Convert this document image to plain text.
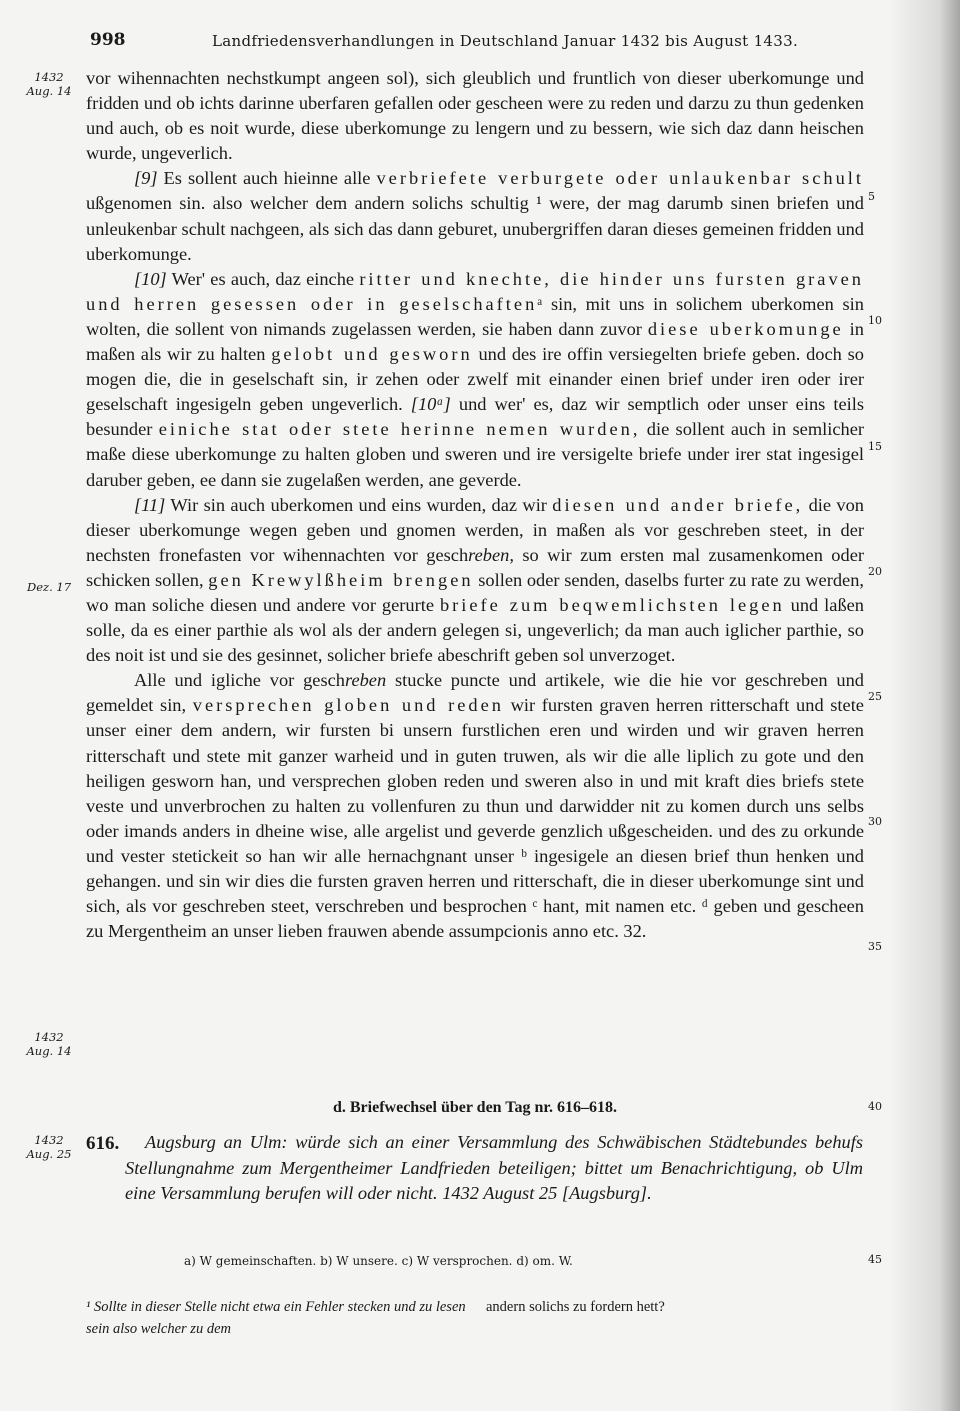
998	Landfriedensverhandlungen in Deutschland Januar 1432 bis August 1433.
1432 Aug. 14
Dez. 17
1432 Aug. 14
1432 Aug. 25
5
10
15
20
25
30
35
40
45

vor wihennachten nechstkumpt angeen sol), sich gleublich und fruntlich von dieser uberkomunge und fridden und ob ichts darinne uberfaren gefallen oder gescheen were zu reden und darzu zu thun gedenken und auch, ob es noit wurde, diese uberkomunge zu lengern und zu bessern, wie sich daz dann heischen wurde, ungeverlich.

[9] Es sollent auch hieinne alle verbriefete verburgete oder unlaukenbar schult ußgenomen sin. also welcher dem andern solichs schultig ¹ were, der mag darumb sinen briefen und unleukenbar schult nachgeen, als sich das dann geburet, unubergriffen daran dieses gemeinen fridden und uberkomunge.

[10] Wer' es auch, daz einche ritter und knechte, die hinder uns fursten graven und herren gesessen oder in geselschaftenᵃ sin, mit uns in solichem uberkomen sin wolten, die sollent von nimands zugelassen werden, sie haben dann zuvor diese uberkomunge in maßen als wir zu halten gelobt und gesworn und des ire offin versiegelten briefe geben. doch so mogen die, die in geselschaft sin, ir zehen oder zwelf mit einander einen brief under iren oder irer geselschaft ingesigeln geben ungeverlich. [10ᵃ] und wer' es, daz wir semptlich oder unser eins teils besunder einiche stat oder stete herinne nemen wurden, die sollent auch in semlicher maße diese uberkomunge zu halten globen und sweren und ire versigelte briefe under irer stat ingesigel daruber geben, ee dann sie zugelaßen werden, ane geverde.

[11] Wir sin auch uberkomen und eins wurden, daz wir diesen und ander briefe, die von dieser uberkomunge wegen geben und gnomen werden, in maßen als vor geschreben steet, in der nechsten fronefasten vor wihennachten vor geschreben, so wir zum ersten mal zusamenkomen oder schicken sollen, gen Krewylßheim brengen sollen oder senden, daselbs furter zu rate zu werden, wo man soliche diesen und andere vor gerurte briefe zum beqwemlichsten legen und laßen solle, da es einer parthie als wol als der andern gelegen si, ungeverlich; da man auch iglicher parthie, so des noit ist und sie des gesinnet, solicher briefe abeschrift geben sol unverzoget.

Alle und igliche vor geschreben stucke puncte und artikele, wie die hie vor geschreben und gemeldet sin, versprechen globen und reden wir fursten graven herren ritterschaft und stete unser einer dem andern, wir fursten bi unsern furstlichen eren und wirden und wir graven herren ritterschaft und stete mit ganzer warheid und in guten truwen, als wir die alle liplich zu gote und den heiligen gesworn han, und versprechen globen reden und sweren also in und mit kraft dies briefs stete veste und unverbrochen zu halten zu vollenfuren zu thun und darwidder nit zu komen durch uns selbs oder imands anders in dheine wise, alle argelist und geverde genzlich ußgescheiden. und des zu orkunde und vester stetickeit so han wir alle hernachgnant unser ᵇ ingesigele an diesen brief thun henken und gehangen. und sin wir dies die fursten graven herren und ritterschaft, die in dieser uberkomunge sint und sich, als vor geschreben steet, verschreben und besprochen ᶜ hant, mit namen etc. ᵈ geben und gescheen zu Mergentheim an unser lieben frauwen abende assumpcionis anno etc. 32.

d. Briefwechsel über den Tag nr. 616–618.
616.	Augsburg an Ulm: würde sich an einer Versammlung des Schwäbischen Städtebundes behufs Stellungnahme zum Mergentheimer Landfrieden beteiligen; bittet um Benachrichtigung, ob Ulm eine Versammlung berufen will oder nicht. 1432 August 25 [Augsburg].
a) W gemeinschaften. b) W unsere. c) W versprochen. d) om. W.
¹ Sollte in dieser Stelle nicht etwa ein Fehler stecken und zu lesen sein also welcher zu dem
andern solichs zu fordern hett?
